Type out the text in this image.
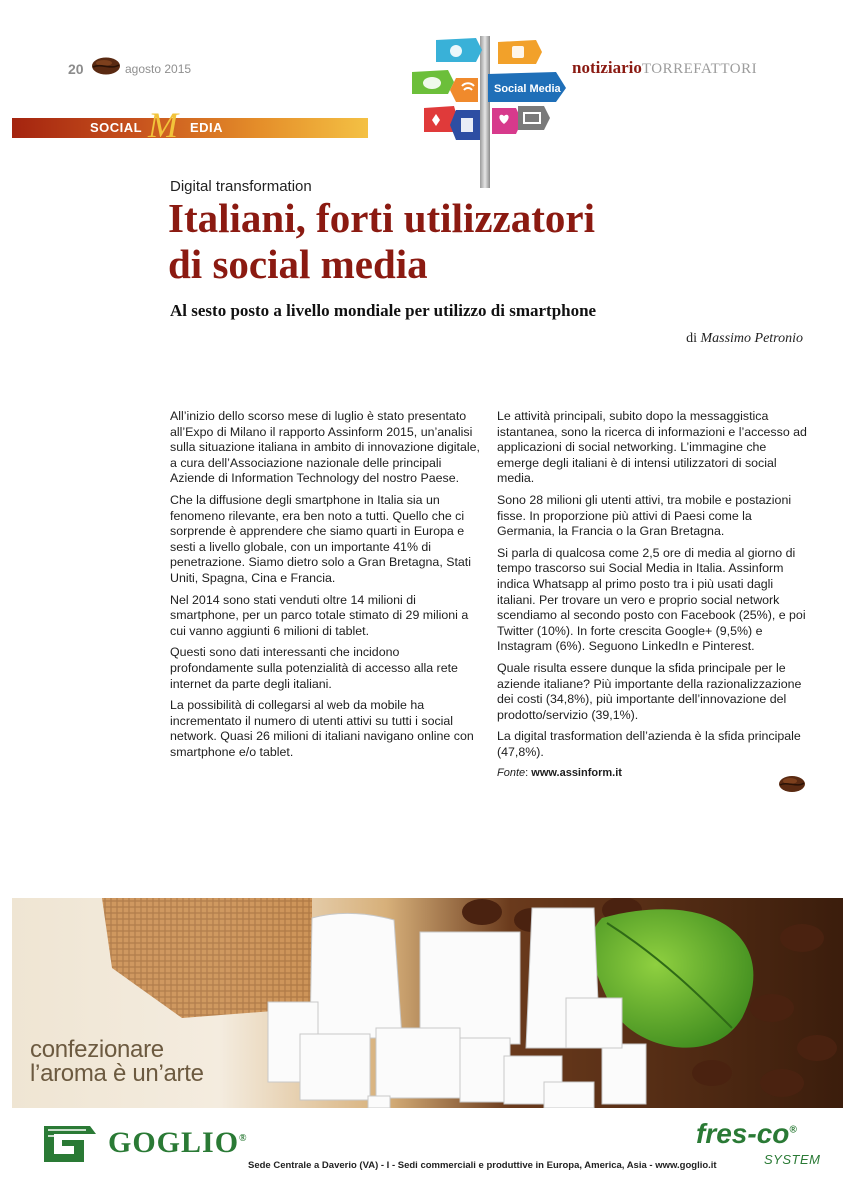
20	agosto 2015	notiziarioTORREFATTORI
SOCIAL M EDIA
Social Media
Digital transformation
Italiani, forti utilizzatori
di social media
Al sesto posto a livello mondiale per utilizzo di smartphone
di Massimo Petronio

All’inizio dello scorso mese di luglio è stato presentato all’Expo di Milano il rapporto Assinform 2015, un’analisi sulla situazione italiana in ambito di innovazione digitale, a cura dell’Associazione nazionale delle principali Aziende di Information Technology del nostro Paese.

Che la diffusione degli smartphone in Italia sia un fenomeno rilevante, era ben noto a tutti. Quello che ci sorprende è apprendere che siamo quarti in Europa e sesti a livello globale, con un importante 41% di penetrazione. Siamo dietro solo a Gran Bretagna, Stati Uniti, Spagna, Cina e Francia.

Nel 2014 sono stati venduti oltre 14 milioni di smartphone, per un parco totale stimato di 29 milioni a cui vanno aggiunti 6 milioni di tablet.

Questi sono dati interessanti che incidono profondamente sulla potenzialità di accesso alla rete internet da parte degli italiani.

La possibilità di collegarsi al web da mobile ha incrementato il numero di utenti attivi su tutti i social network. Quasi 26 milioni di italiani navigano online con smartphone e/o tablet.

Le attività principali, subito dopo la messaggistica istantanea, sono la ricerca di informazioni e l’accesso ad applicazioni di social networking. L’immagine che emerge degli italiani è di intensi utilizzatori di social media.

Sono 28 milioni gli utenti attivi, tra mobile e postazioni fisse. In proporzione più attivi di Paesi come la Germania, la Francia o la Gran Bretagna.

Si parla di qualcosa come 2,5 ore di media al giorno di tempo trascorso sui Social Media in Italia. Assinform indica Whatsapp al primo posto tra i più usati dagli italiani. Per trovare un vero e proprio social network scendiamo al secondo posto con Facebook (25%), e poi Twitter (10%). In forte crescita Google+ (9,5%) e Instagram (6%). Seguono LinkedIn e Pinterest.

Quale risulta essere dunque la sfida principale per le aziende italiane? Più importante della razionalizzazione dei costi (34,8%), più importante dell’innovazione del prodotto/servizio (39,1%).

La digital trasformation dell’azienda è la sfida principale (47,8%).

Fonte: www.assinform.it
confezionare
l’aroma è un’arte
GOGLIO®	fres-co®
SYSTEM
Sede Centrale a Daverio (VA) - I - Sedi commerciali e produttive in Europa, America, Asia - www.goglio.it
